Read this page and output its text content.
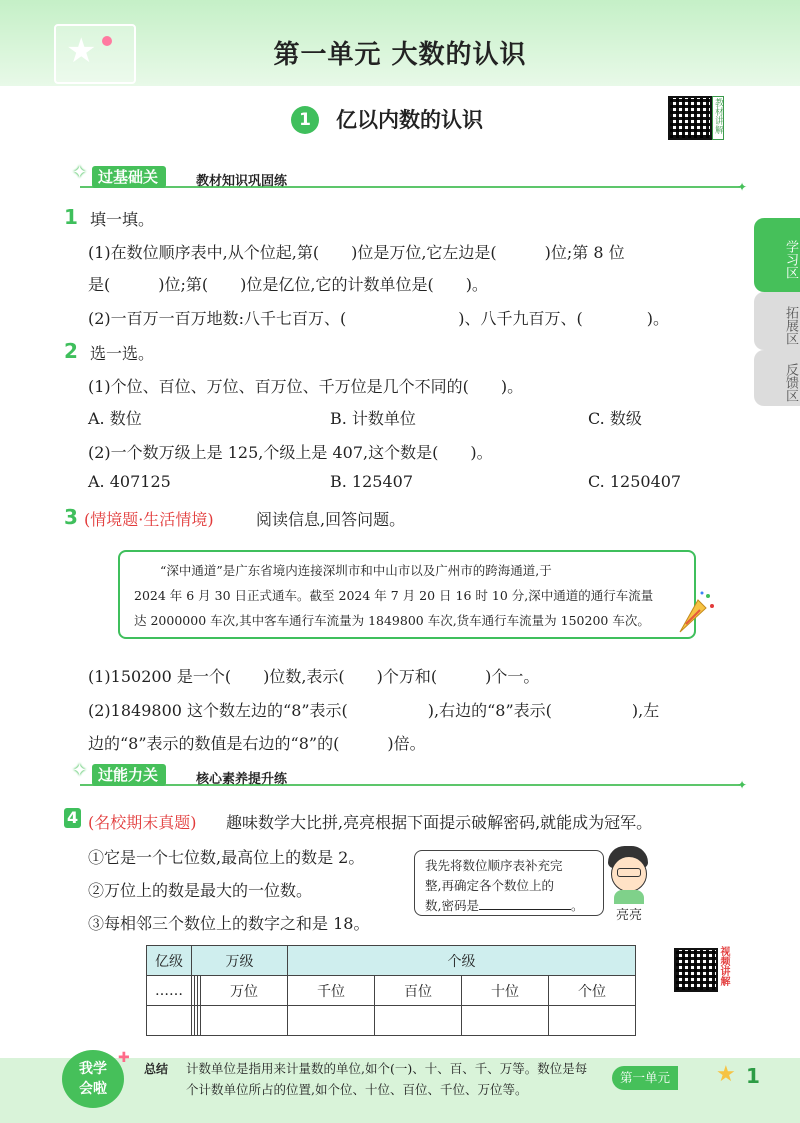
★	第一单元 大数的认识
1	亿以内数的认识	教材讲解
学习区
拓展区
反馈区
✦ 过基础关	教材知识巩固练	✦
1 填一填。
(1)在数位顺序表中,从个位起,第(　　)位是万位,它左边是(　　　)位;第 8 位
是(　　　)位;第(　　)位是亿位,它的计数单位是(　　)。
(2)一百万一百万地数:八千七百万、(　　　　　　　)、八千九百万、(　　　　)。
2 选一选。
(1)个位、百位、万位、百万位、千万位是几个不同的(　　)。
A. 数位	B. 计数单位	C. 数级
(2)一个数万级上是 125,个级上是 407,这个数是(　　)。
A. 407125	B. 125407	C. 1250407
3 (情境题·生活情境)	阅读信息,回答问题。
“深中通道”是广东省境内连接深圳市和中山市以及广州市的跨海通道,于
2024 年 6 月 30 日正式通车。截至 2024 年 7 月 20 日 16 时 10 分,深中通道的通行车流量
达 2000000 车次,其中客车通行车流量为 1849800 车次,货车通行车流量为 150200 车次。
(1)150200 是一个(　　)位数,表示(　　)个万和(　　　)个一。
(2)1849800 这个数左边的“8”表示(　　　　　),右边的“8”表示(　　　　　),左
边的“8”表示的数值是右边的“8”的(　　　)倍。
✦ 过能力关	核心素养提升练	✦
4 (名校期末真题) 趣味数学大比拼,亮亮根据下面提示破解密码,就能成为冠军。
①它是一个七位数,最高位上的数是 2。
②万位上的数是最大的一位数。
③每相邻三个数位上的数字之和是 18。
我先将数位顺序表补充完
整,再确定各个数位上的
数,密码是	。
亮亮
亿级	万级				个级			
……				万位	千位	百位	十位	个位

视频讲解
我学会啦
✚
总结 计数单位是指用来计量数的单位,如个(一)、十、百、千、万等。数位是每个计数单位所占的位置,如个位、十位、百位、千位、万位等。
第一单元	★ 1
